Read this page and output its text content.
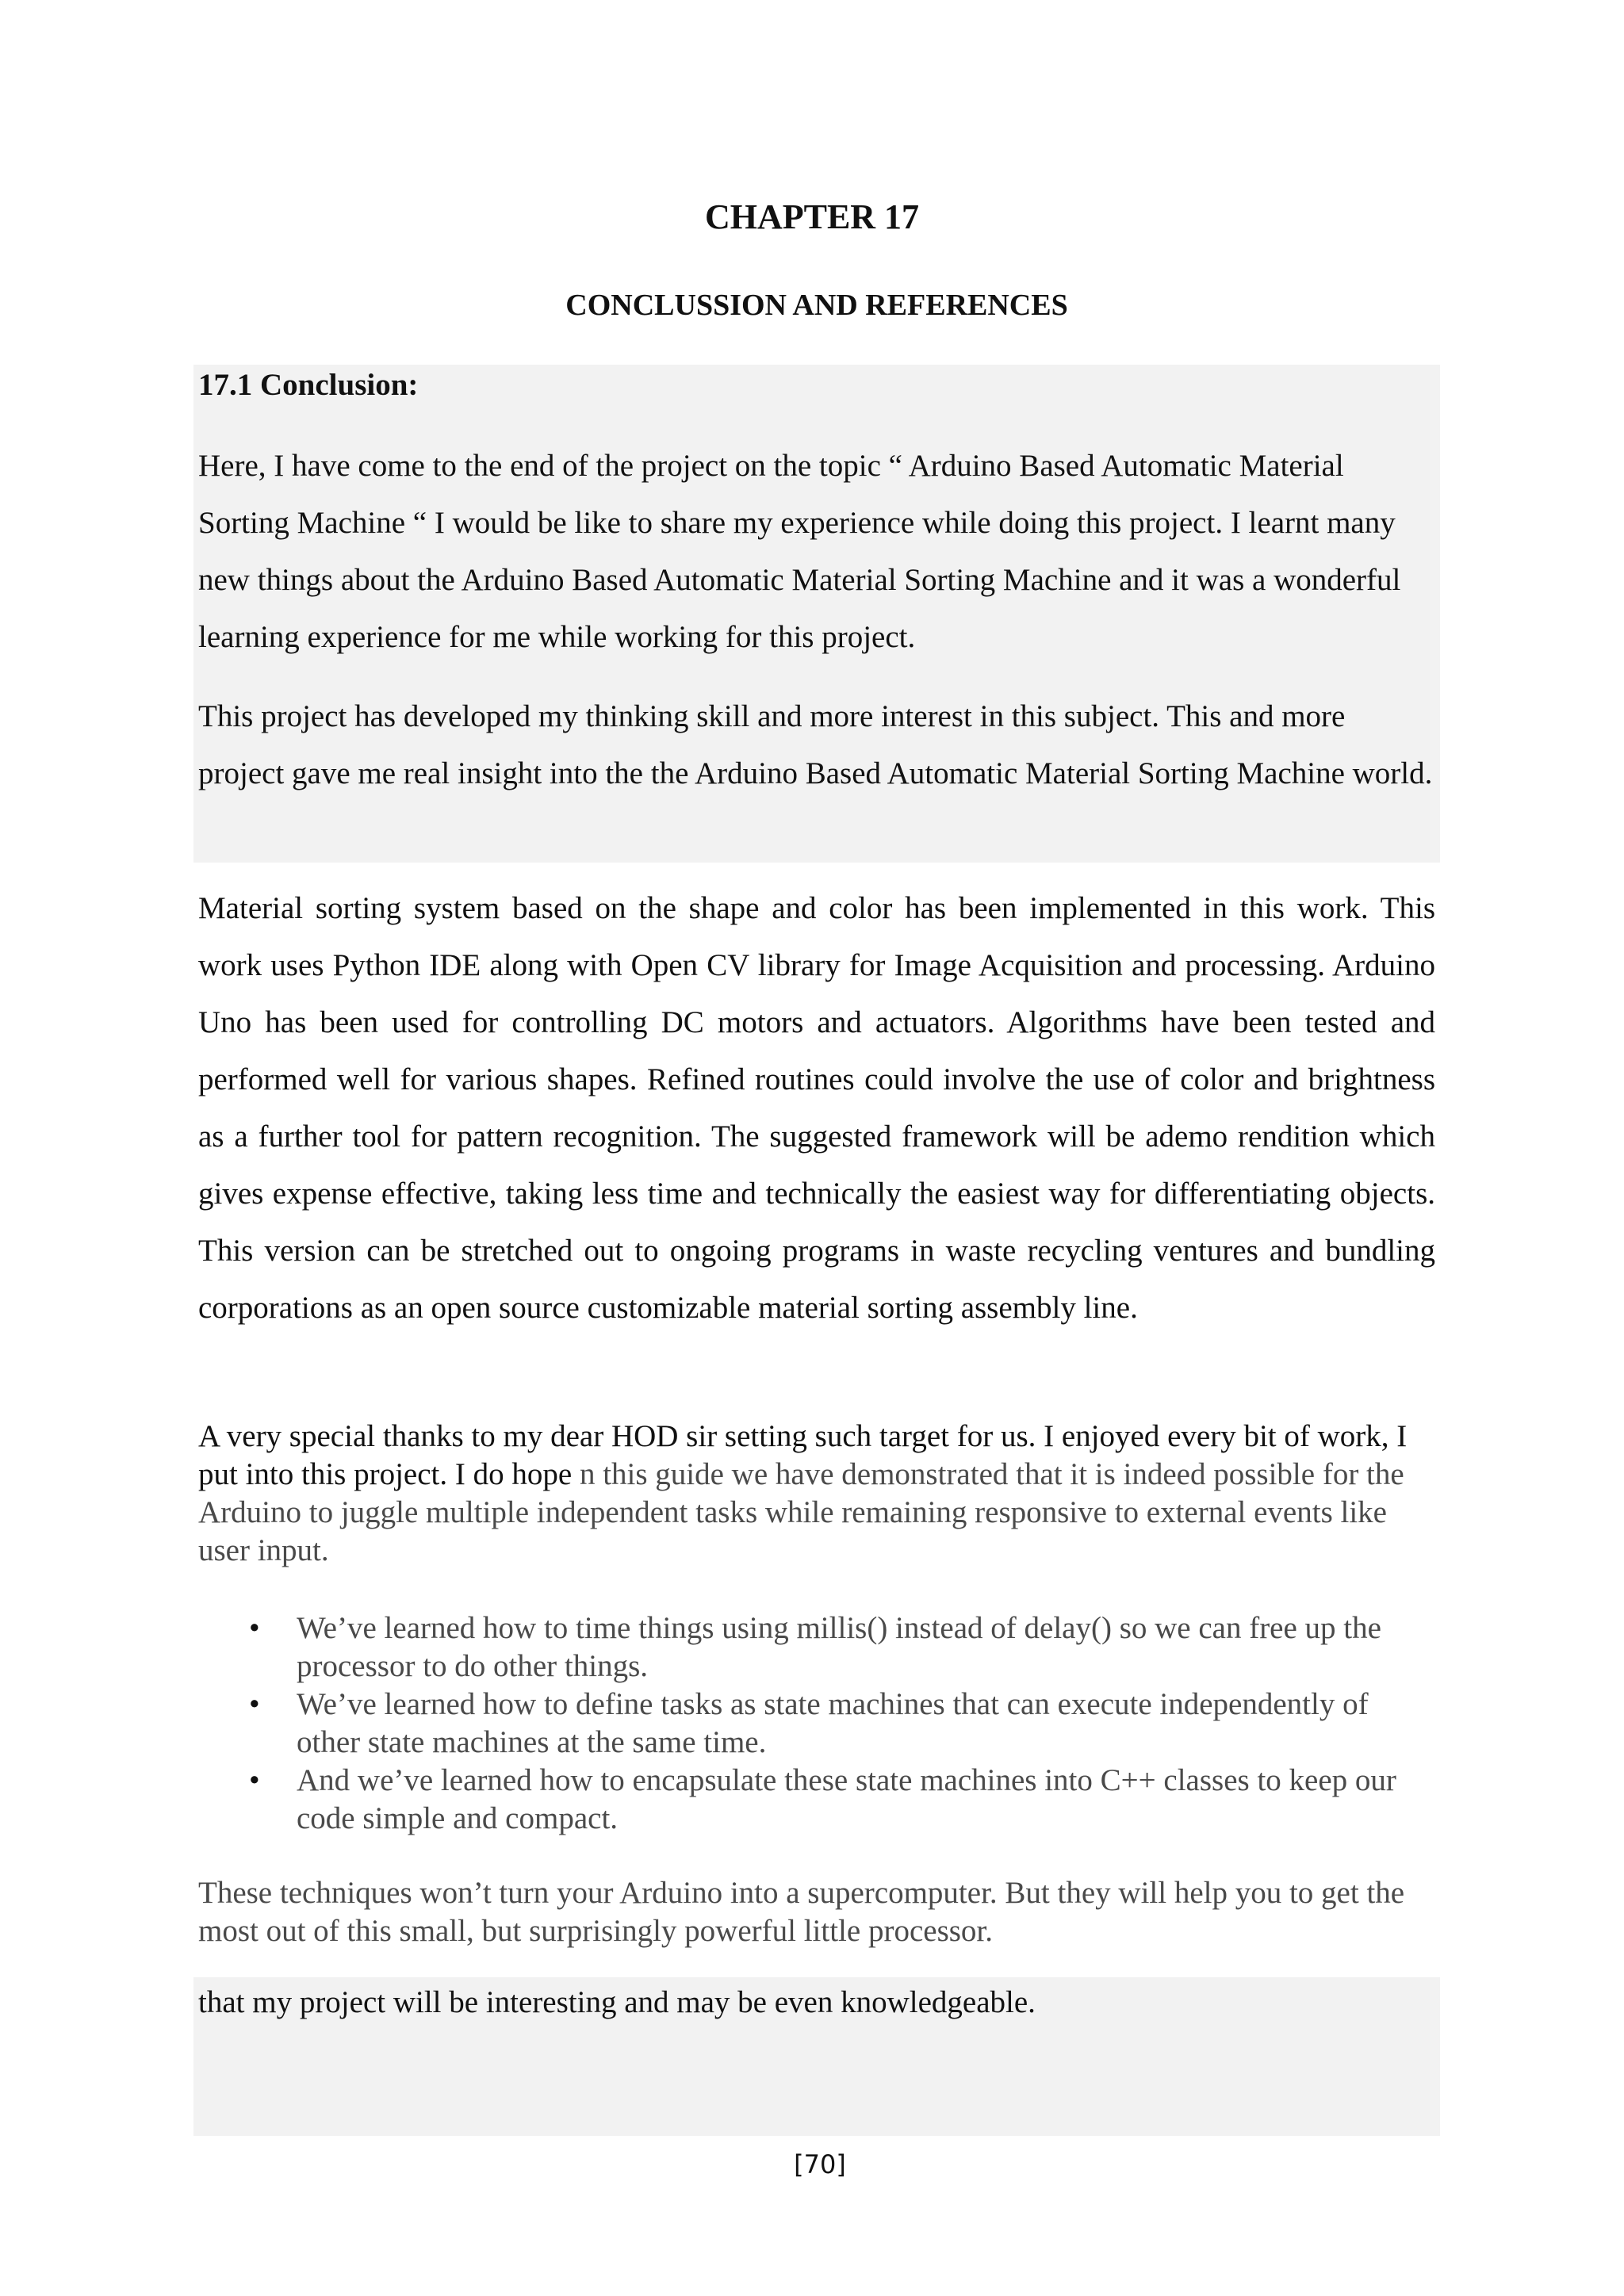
CHAPTER 17
CONCLUSSION AND REFERENCES
17.1 Conclusion:

Here, I have come to the end of the project on the topic “ Arduino Based Automatic Material Sorting Machine “ I would be like to share my experience while doing this project. I learnt many new things about the Arduino Based Automatic Material Sorting Machine and it was a wonderful learning experience for me while working for this project.

This project has developed my thinking skill and more interest in this subject. This and more project gave me real insight into the the Arduino Based Automatic Material Sorting Machine world.

Material sorting system based on the shape and color has been implemented in this work. This work uses Python IDE along with Open CV library for Image Acquisition and processing. Arduino Uno has been used for controlling DC motors and actuators. Algorithms have been tested and performed well for various shapes. Refined routines could involve the use of color and brightness as a further tool for pattern recognition. The suggested framework will be ademo rendition which gives expense effective, taking less time and technically the easiest way for differentiating objects. This version can be stretched out to ongoing programs in waste recycling ventures and bundling corporations as an open source customizable material sorting assembly line.

A very special thanks to my dear HOD sir setting such target for us. I enjoyed every bit of work, I put into this project. I do hope n this guide we have demonstrated that it is indeed possible for the Arduino to juggle multiple independent tasks while remaining responsive to external events like user input.

• We’ve learned how to time things using millis() instead of delay() so we can free up the processor to do other things.
• We’ve learned how to define tasks as state machines that can execute independently of other state machines at the same time.
• And we’ve learned how to encapsulate these state machines into C++ classes to keep our code simple and compact.

These techniques won’t turn your Arduino into a supercomputer. But they will help you to get the most out of this small, but surprisingly powerful little processor.

that my project will be interesting and may be even knowledgeable.

[70]
